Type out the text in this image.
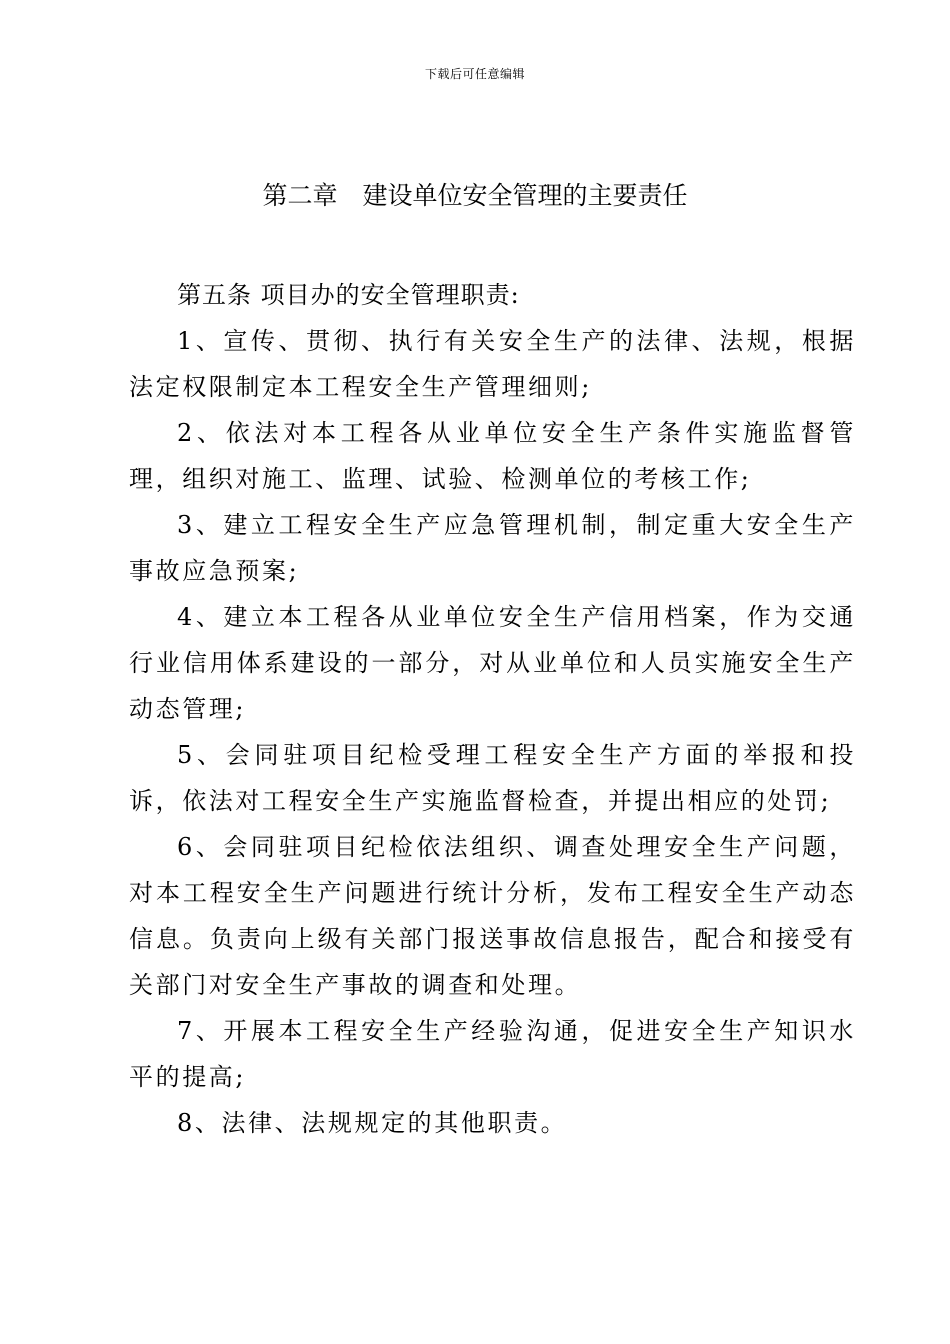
下载后可任意编辑
第二章　建设单位安全管理的主要责任

第五条 项目办的安全管理职责:

1、宣传、贯彻、执行有关安全生产的法律、法规，根据法定权限制定本工程安全生产管理细则;

2、依法对本工程各从业单位安全生产条件实施监督管理，组织对施工、监理、试验、检测单位的考核工作;

3、建立工程安全生产应急管理机制，制定重大安全生产事故应急预案;

4、建立本工程各从业单位安全生产信用档案，作为交通行业信用体系建设的一部分，对从业单位和人员实施安全生产动态管理;

5、会同驻项目纪检受理工程安全生产方面的举报和投诉，依法对工程安全生产实施监督检查，并提出相应的处罚;

6、会同驻项目纪检依法组织、调查处理安全生产问题，对本工程安全生产问题进行统计分析，发布工程安全生产动态信息。负责向上级有关部门报送事故信息报告，配合和接受有关部门对安全生产事故的调查和处理。

7、开展本工程安全生产经验沟通，促进安全生产知识水平的提高;

8、法律、法规规定的其他职责。
